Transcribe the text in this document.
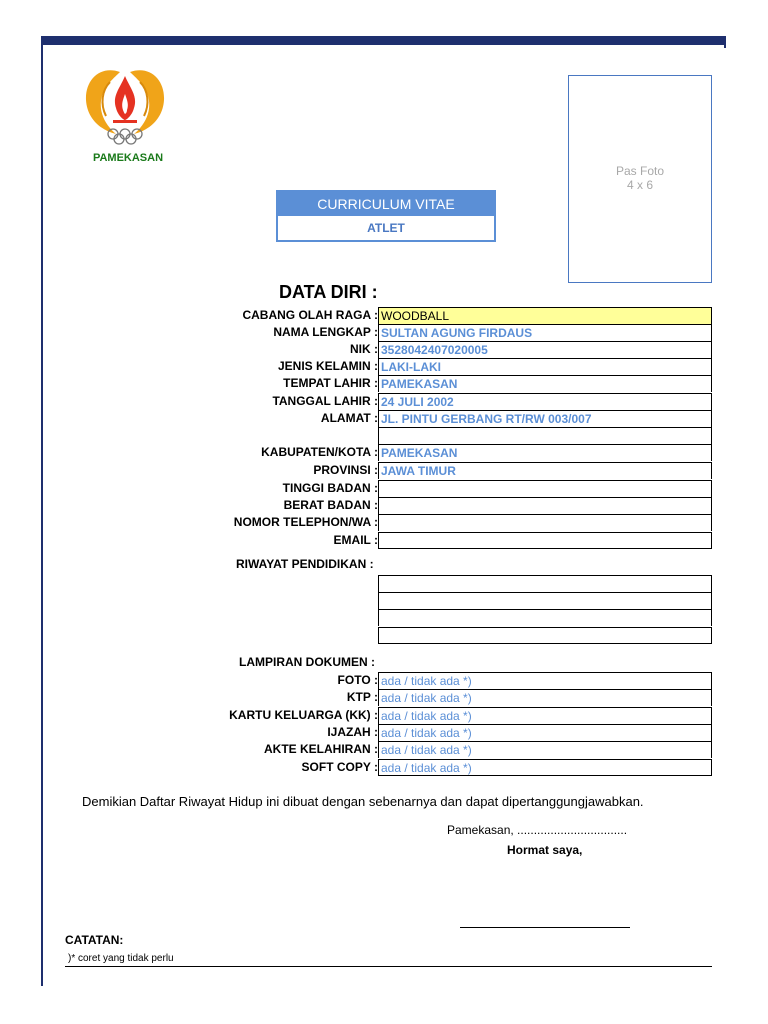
PAMEKASAN
Pas Foto
4 x 6
CURRICULUM VITAE
ATLET
DATA DIRI :
CABANG OLAH RAGA : WOODBALL
NAMA LENGKAP : SULTAN AGUNG FIRDAUS
NIK : 3528042407020005
JENIS KELAMIN : LAKI-LAKI
TEMPAT LAHIR : PAMEKASAN
TANGGAL LAHIR : 24 JULI 2002
ALAMAT : JL. PINTU GERBANG RT/RW 003/007
KABUPATEN/KOTA : PAMEKASAN
PROVINSI : JAWA TIMUR
TINGGI BADAN :
BERAT BADAN :
NOMOR TELEPHON/WA :
EMAIL :
RIWAYAT PENDIDIKAN :
LAMPIRAN DOKUMEN :
FOTO : ada / tidak ada *)
KTP : ada / tidak ada *)
KARTU KELUARGA (KK) : ada / tidak ada *)
IJAZAH : ada / tidak ada *)
AKTE KELAHIRAN : ada / tidak ada *)
SOFT COPY : ada / tidak ada *)
Demikian Daftar Riwayat Hidup ini dibuat dengan sebenarnya dan dapat dipertanggungjawabkan.
Pamekasan, .................................
Hormat saya,
CATATAN:
)* coret yang tidak perlu
